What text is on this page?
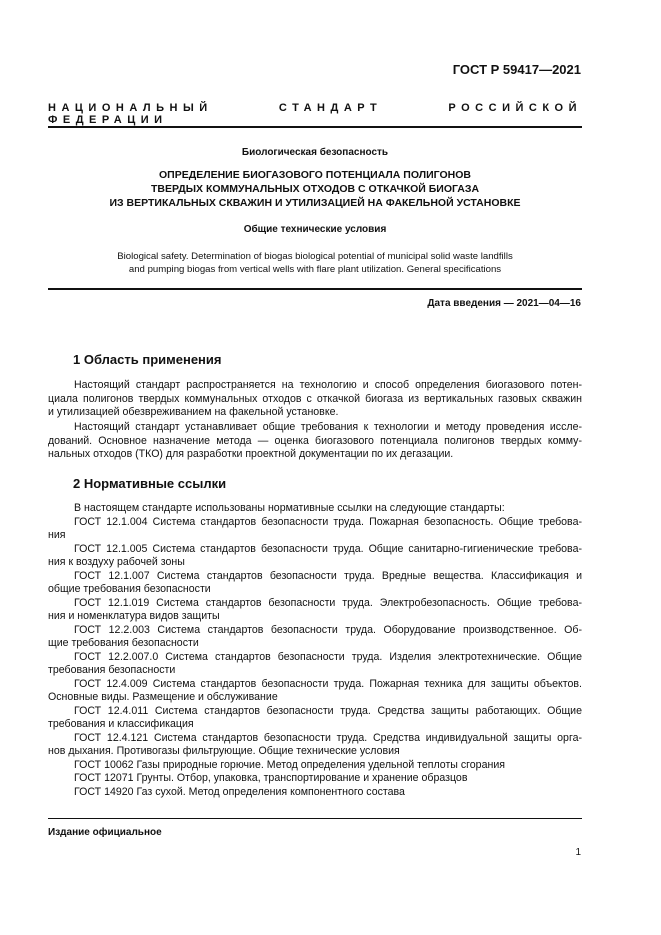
ГОСТ Р 59417—2021
НАЦИОНАЛЬНЫЙ СТАНДАРТ РОССИЙСКОЙ ФЕДЕРАЦИИ
Биологическая безопасность
ОПРЕДЕЛЕНИЕ БИОГАЗОВОГО ПОТЕНЦИАЛА ПОЛИГОНОВ
ТВЕРДЫХ КОММУНАЛЬНЫХ ОТХОДОВ С ОТКАЧКОЙ БИОГАЗА
ИЗ ВЕРТИКАЛЬНЫХ СКВАЖИН И УТИЛИЗАЦИЕЙ НА ФАКЕЛЬНОЙ УСТАНОВКЕ
Общие технические условия
Biological safety. Determination of biogas biological potential of municipal solid waste landfills
and pumping biogas from vertical wells with flare plant utilization. General specifications
Дата введения — 2021—04—16
1 Область применения
Настоящий стандарт распространяется на технологию и способ определения биогазового потен-
циала полигонов твердых коммунальных отходов с откачкой биогаза из вертикальных газовых скважин
и утилизацией обезвреживанием на факельной установке.
Настоящий стандарт устанавливает общие требования к технологии и методу проведения иссле-
дований. Основное назначение метода — оценка биогазового потенциала полигонов твердых комму-
нальных отходов (ТКО) для разработки проектной документации по их дегазации.
2 Нормативные ссылки
В настоящем стандарте использованы нормативные ссылки на следующие стандарты:
ГОСТ 12.1.004 Система стандартов безопасности труда. Пожарная безопасность. Общие требова-
ния
ГОСТ 12.1.005 Система стандартов безопасности труда. Общие санитарно-гигиенические требова-
ния к воздуху рабочей зоны
ГОСТ 12.1.007 Система стандартов безопасности труда. Вредные вещества. Классификация и
общие требования безопасности
ГОСТ 12.1.019 Система стандартов безопасности труда. Электробезопасность. Общие требова-
ния и номенклатура видов защиты
ГОСТ 12.2.003 Система стандартов безопасности труда. Оборудование производственное. Об-
щие требования безопасности
ГОСТ 12.2.007.0 Система стандартов безопасности труда. Изделия электротехнические. Общие
требования безопасности
ГОСТ 12.4.009 Система стандартов безопасности труда. Пожарная техника для защиты объектов.
Основные виды. Размещение и обслуживание
ГОСТ 12.4.011 Система стандартов безопасности труда. Средства защиты работающих. Общие
требования и классификация
ГОСТ 12.4.121 Система стандартов безопасности труда. Средства индивидуальной защиты орга-
нов дыхания. Противогазы фильтрующие. Общие технические условия
ГОСТ 10062 Газы природные горючие. Метод определения удельной теплоты сгорания
ГОСТ 12071 Грунты. Отбор, упаковка, транспортирование и хранение образцов
ГОСТ 14920 Газ сухой. Метод определения компонентного состава
Издание официальное
1
